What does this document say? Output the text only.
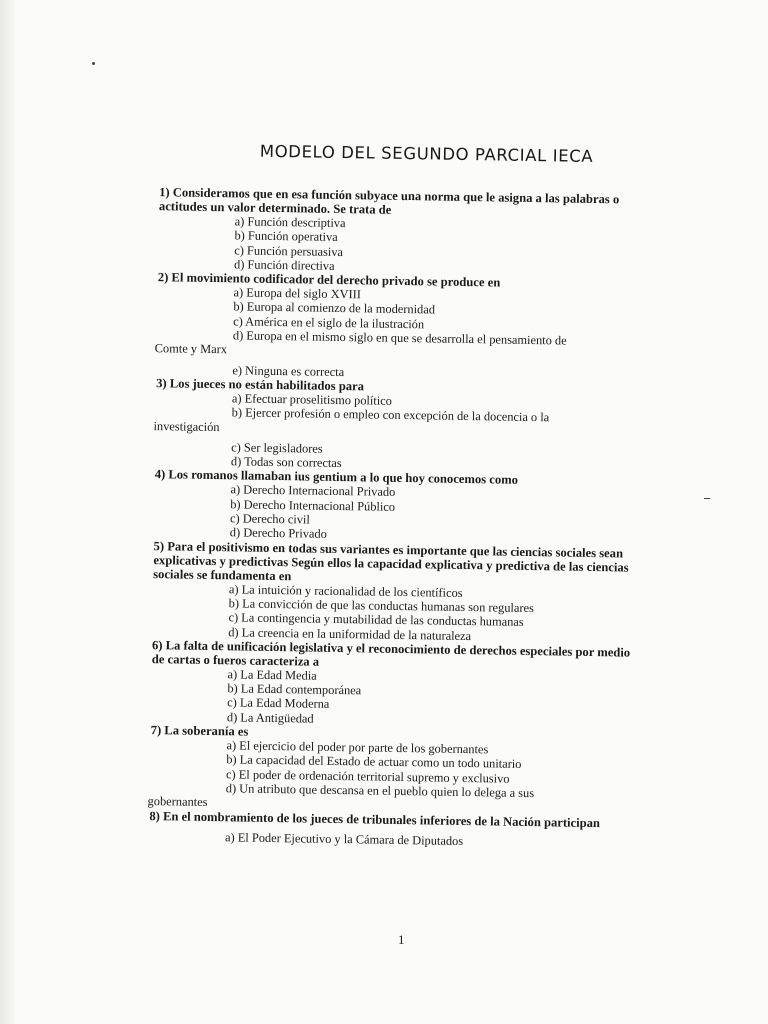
MODELO DEL SEGUNDO PARCIAL IECA

1) Consideramos que en esa función subyace una norma que le asigna a las palabras o actitudes un valor determinado. Se trata de

a) Función descriptiva
b) Función operativa
c) Función persuasiva
d) Función directiva

2) El movimiento codificador del derecho privado se produce en

a) Europa del siglo XVIII
b) Europa al comienzo de la modernidad
c) América en el siglo de la ilustración
d) Europa en el mismo siglo en que se desarrolla el pensamiento de
Comte y Marx
e) Ninguna es correcta

3) Los jueces no están habilitados para

a) Efectuar proselitismo político
b) Ejercer profesión o empleo con excepción de la docencia o la
investigación
c) Ser legisladores
d) Todas son correctas

4) Los romanos llamaban ius gentium a lo que hoy conocemos como

a) Derecho Internacional Privado
b) Derecho Internacional Público
c) Derecho civil
d) Derecho Privado

5) Para el positivismo en todas sus variantes es importante que las ciencias sociales sean explicativas y predictivas Según ellos la capacidad explicativa y predictiva de las ciencias sociales se fundamenta en

a) La intuición y racionalidad de los científicos
b) La convicción de que las conductas humanas son regulares
c) La contingencia y mutabilidad de las conductas humanas
d) La creencia en la uniformidad de la naturaleza

6) La falta de unificación legislativa y el reconocimiento de derechos especiales por medio de cartas o fueros caracteriza a

a) La Edad Media
b) La Edad contemporánea
c) La Edad Moderna
d) La Antigüedad

7) La soberanía es

a) El ejercicio del poder por parte de los gobernantes
b) La capacidad del Estado de actuar como un todo unitario
c) El poder de ordenación territorial supremo y exclusivo
d) Un atributo que descansa en el pueblo quien lo delega a sus
gobernantes

8) En el nombramiento de los jueces de tribunales inferiores de la Nación participan

a) El Poder Ejecutivo y la Cámara de Diputados
1
